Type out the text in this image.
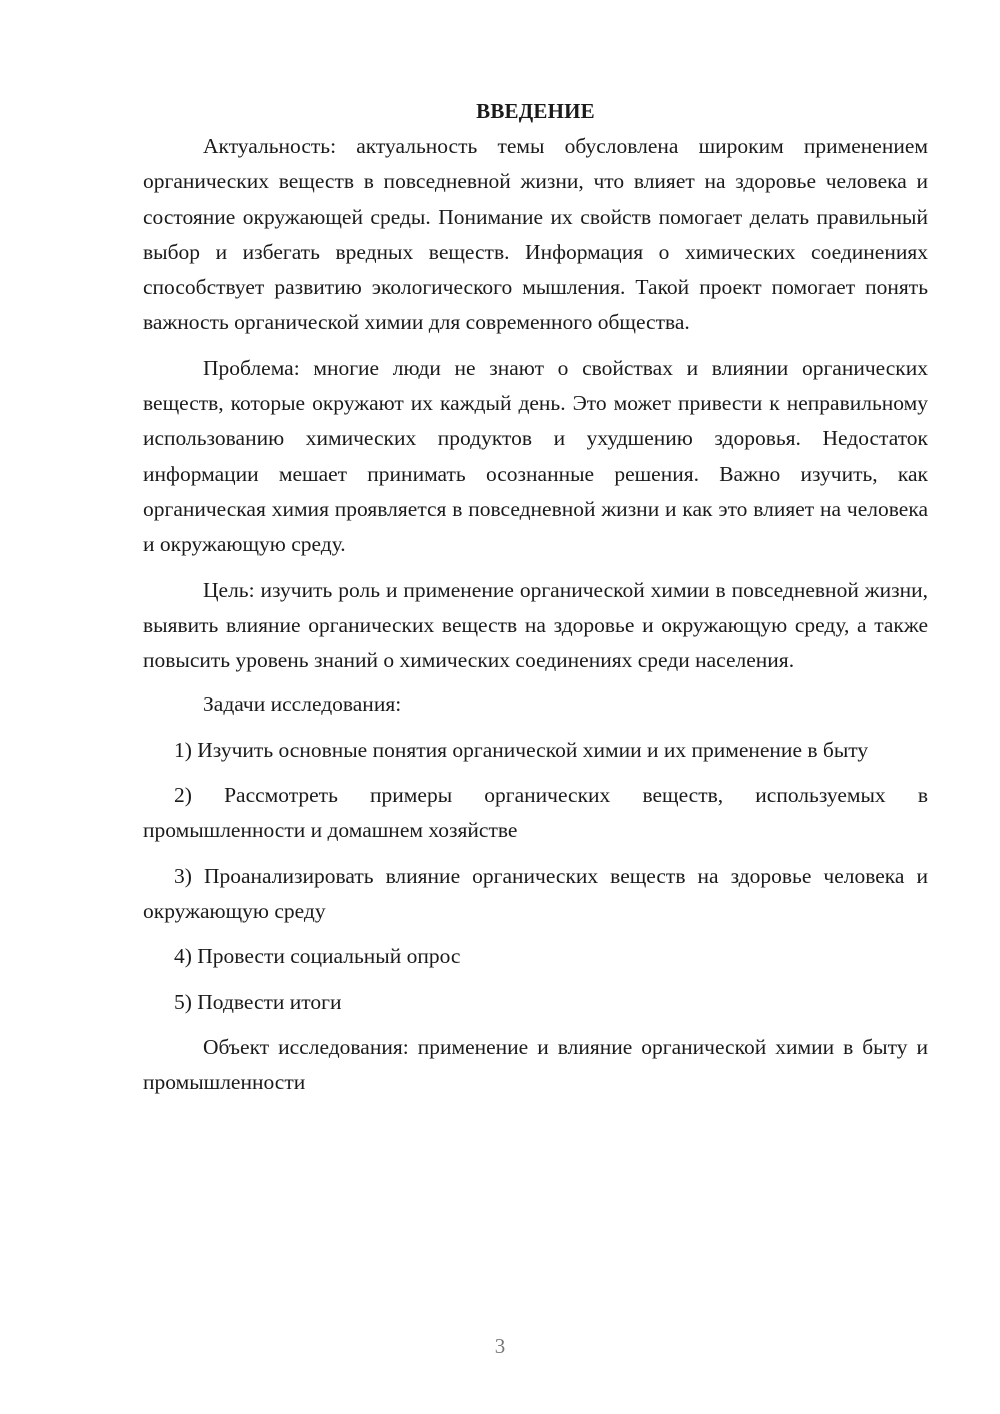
ВВЕДЕНИЕ

Актуальность: актуальность темы обусловлена широким применением органических веществ в повседневной жизни, что влияет на здоровье человека и состояние окружающей среды. Понимание их свойств помогает делать правильный выбор и избегать вредных веществ. Информация о химических соединениях способствует развитию экологического мышления. Такой проект помогает понять важность органической химии для современного общества.

Проблема: многие люди не знают о свойствах и влиянии органических веществ, которые окружают их каждый день. Это может привести к неправильному использованию химических продуктов и ухудшению здоровья. Недостаток информации мешает принимать осознанные решения. Важно изучить, как органическая химия проявляется в повседневной жизни и как это влияет на человека и окружающую среду.

Цель: изучить роль и применение органической химии в повседневной жизни, выявить влияние органических веществ на здоровье и окружающую среду, а также повысить уровень знаний о химических соединениях среди населения.

Задачи исследования:

1) Изучить основные понятия органической химии и их применение в быту

2) Рассмотреть примеры органических веществ, используемых в промышленности и домашнем хозяйстве

3) Проанализировать влияние органических веществ на здоровье человека и окружающую среду

4) Провести социальный опрос

5) Подвести итоги

Объект исследования: применение и влияние органической химии в быту и промышленности

3
